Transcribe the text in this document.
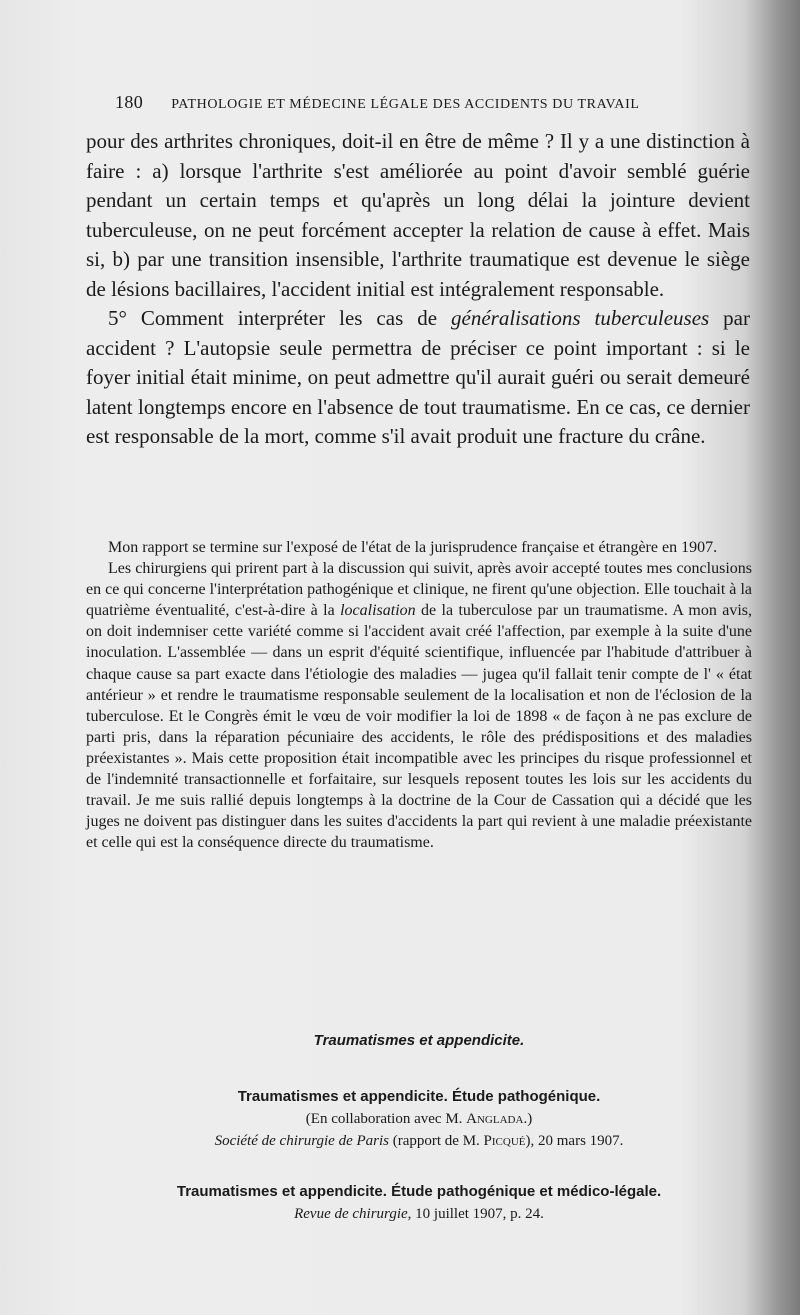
180 PATHOLOGIE ET MÉDECINE LÉGALE DES ACCIDENTS DU TRAVAIL

pour des arthrites chroniques, doit-il en être de même ? Il y a une distinction à faire : a) lorsque l'arthrite s'est améliorée au point d'avoir semblé guérie pendant un certain temps et qu'après un long délai la jointure devient tuberculeuse, on ne peut forcément accepter la relation de cause à effet. Mais si, b) par une transition insensible, l'arthrite traumatique est devenue le siège de lésions bacillaires, l'accident initial est intégralement responsable.

5° Comment interpréter les cas de généralisations tuberculeuses par accident ? L'autopsie seule permettra de préciser ce point important : si le foyer initial était minime, on peut admettre qu'il aurait guéri ou serait demeuré latent longtemps encore en l'absence de tout traumatisme. En ce cas, ce dernier est responsable de la mort, comme s'il avait produit une fracture du crâne.

Mon rapport se termine sur l'exposé de l'état de la jurisprudence française et étrangère en 1907.

Les chirurgiens qui prirent part à la discussion qui suivit, après avoir accepté toutes mes conclusions en ce qui concerne l'interprétation pathogénique et clinique, ne firent qu'une objection. Elle touchait à la quatrième éventualité, c'est-à-dire à la localisation de la tuberculose par un traumatisme. A mon avis, on doit indemniser cette variété comme si l'accident avait créé l'affection, par exemple à la suite d'une inoculation. L'assemblée — dans un esprit d'équité scientifique, influencée par l'habitude d'attribuer à chaque cause sa part exacte dans l'étiologie des maladies — jugea qu'il fallait tenir compte de l' « état antérieur » et rendre le traumatisme responsable seulement de la localisation et non de l'éclosion de la tuberculose. Et le Congrès émit le vœu de voir modifier la loi de 1898 « de façon à ne pas exclure de parti pris, dans la réparation pécuniaire des accidents, le rôle des prédispositions et des maladies préexistantes ». Mais cette proposition était incompatible avec les principes du risque professionnel et de l'indemnité transactionnelle et forfaitaire, sur lesquels reposent toutes les lois sur les accidents du travail. Je me suis rallié depuis longtemps à la doctrine de la Cour de Cassation qui a décidé que les juges ne doivent pas distinguer dans les suites d'accidents la part qui revient à une maladie préexistante et celle qui est la conséquence directe du traumatisme.

Traumatismes et appendicite.
Traumatismes et appendicite. Étude pathogénique.
(En collaboration avec M. Anglada.)
Société de chirurgie de Paris (rapport de M. Picqué), 20 mars 1907.
Traumatismes et appendicite. Étude pathogénique et médico-légale.
Revue de chirurgie, 10 juillet 1907, p. 24.
